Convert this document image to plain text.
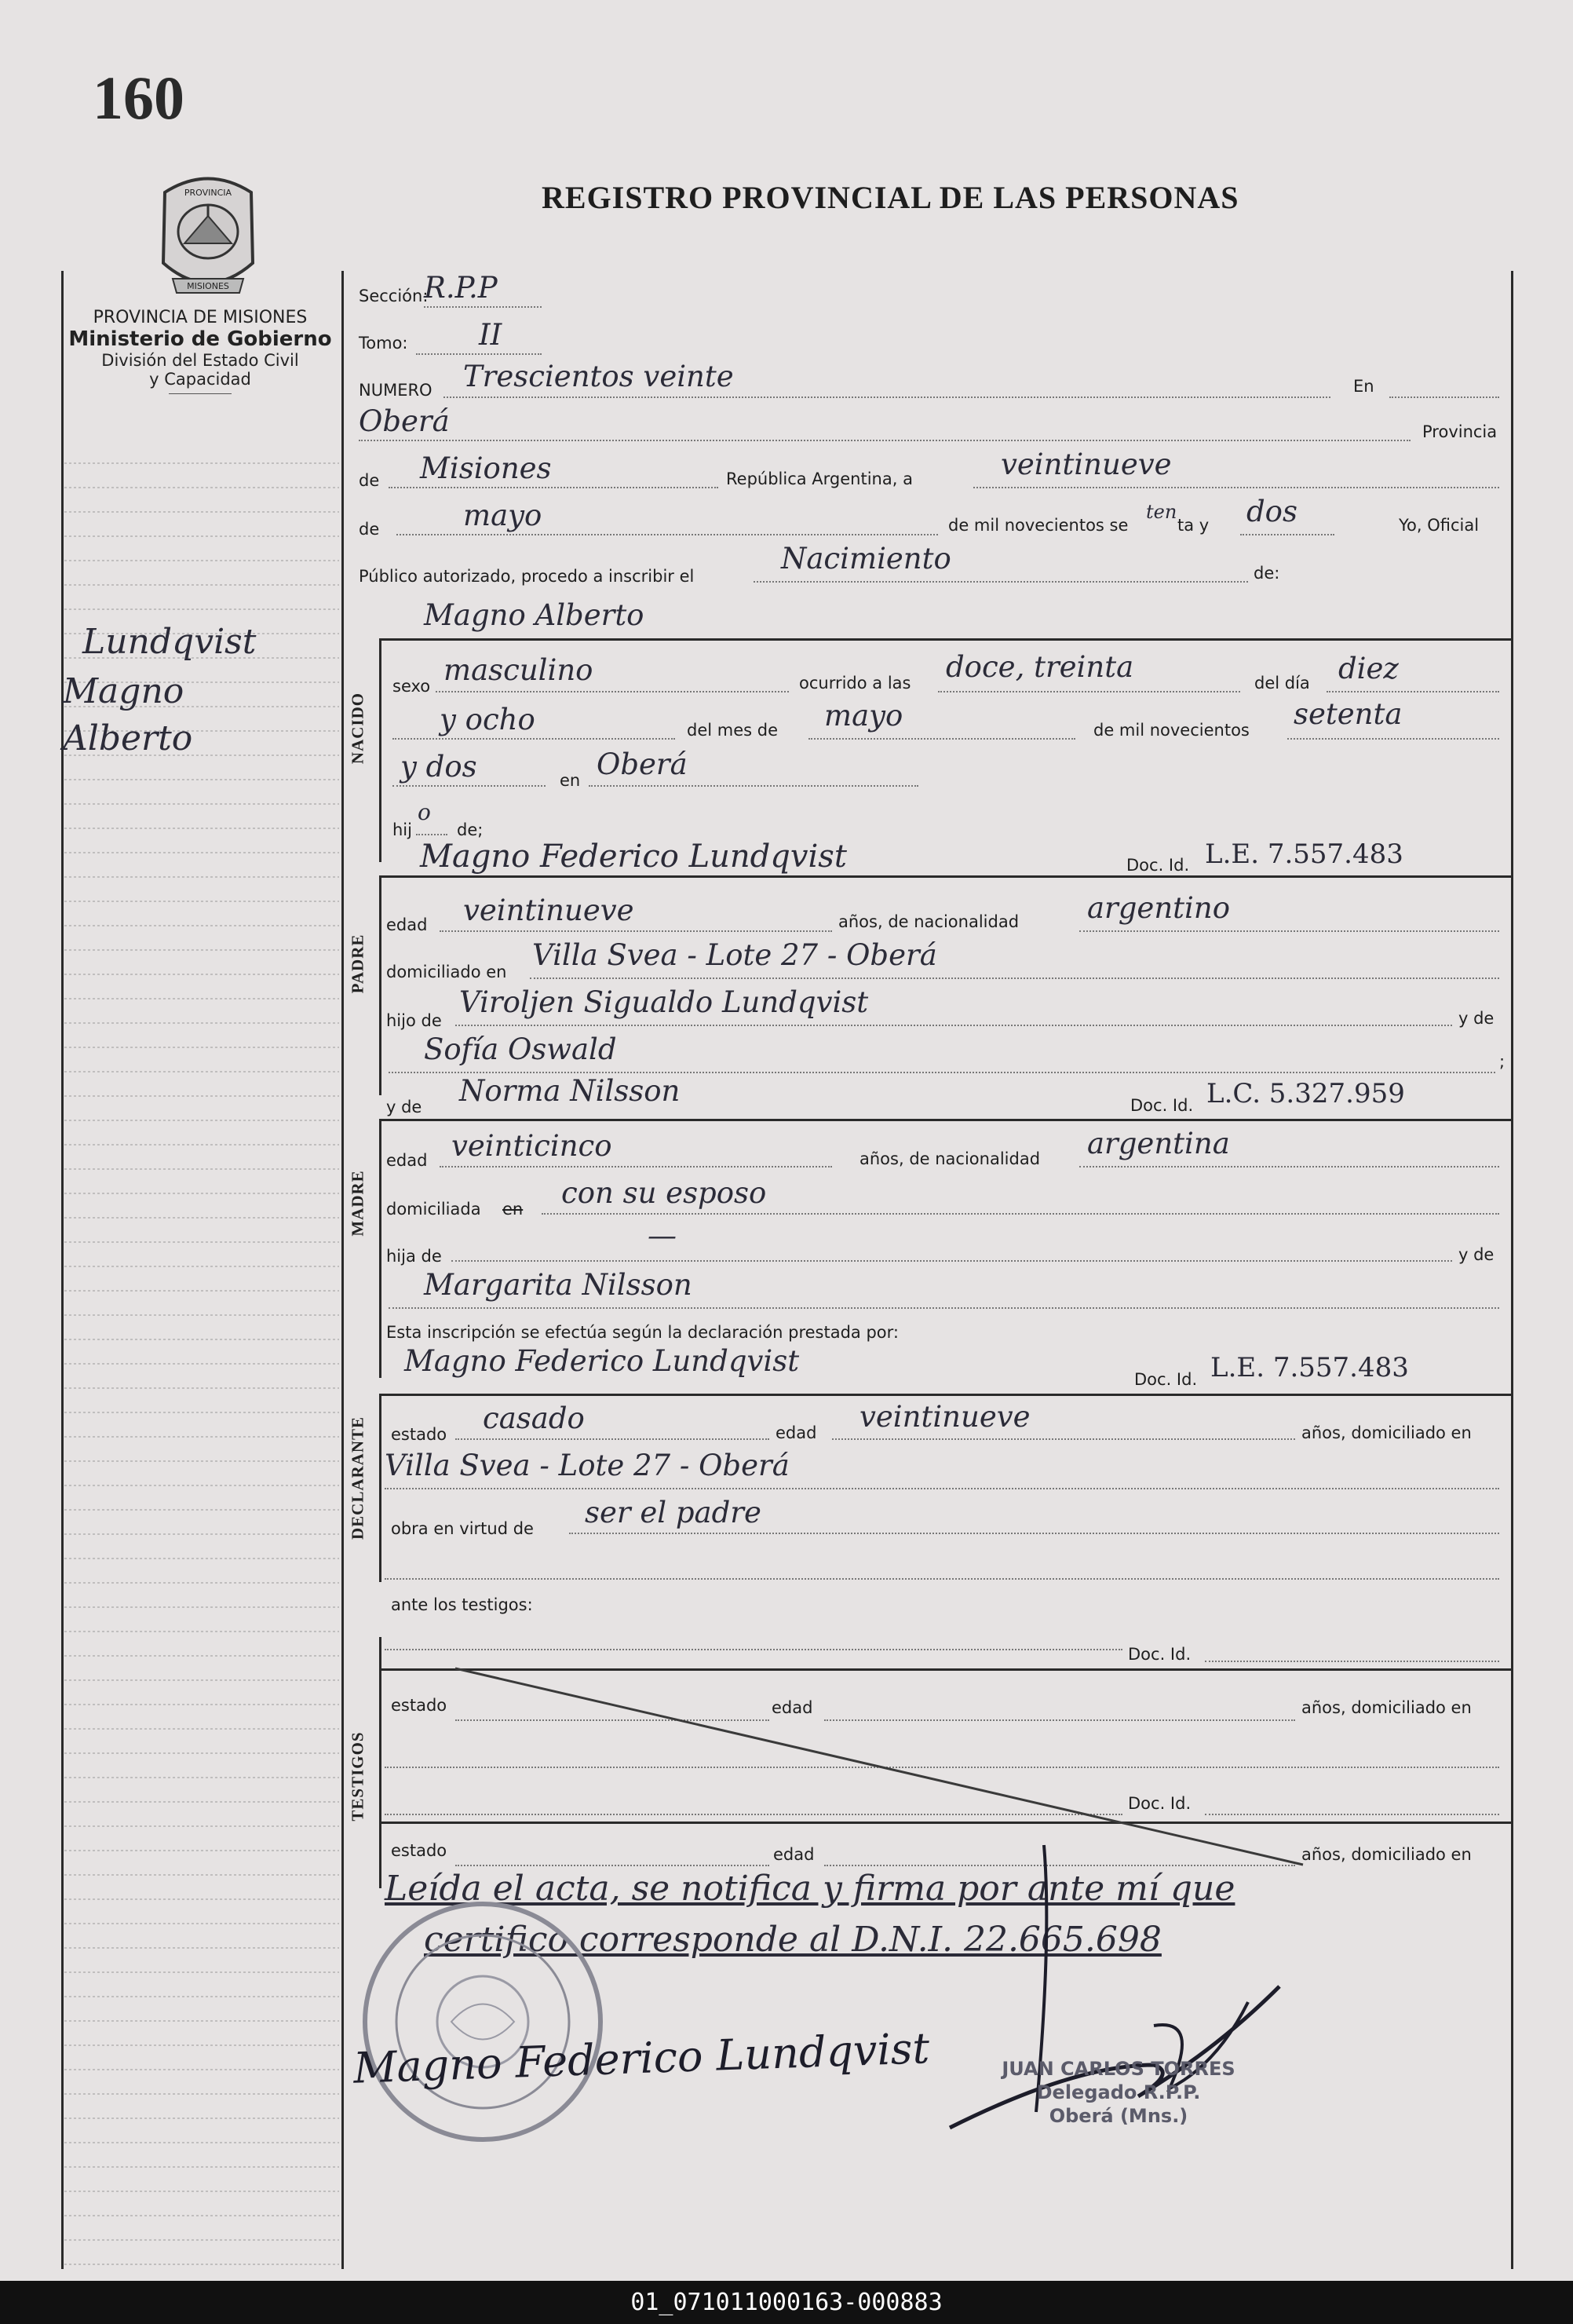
160
PROVINCIA
MISIONES
REGISTRO PROVINCIAL DE LAS PERSONAS
PROVINCIA DE MISIONES
Ministerio de Gobierno
División del Estado Civil
y Capacidad
Lundqvist
Magno
Alberto
Sección:
R.P.P
Tomo: II
NUMERO Trescientos veinte	En
Oberá	Provincia
de Misiones	República Argentina, a	veintinueve
de	mayo	de mil novecientos se
ten
ta y dos	Yo, Oficial
Público autorizado, procedo a inscribir el
Nacimiento	de:
NACIDO
Magno Alberto
sexo masculino	ocurrido a las doce, treinta	del día diez
y ocho	del mes de mayo	de mil novecientos setenta
y dos	en Oberá
hij
o
de;
PADRE
Magno Federico Lundqvist	Doc. Id. L.E. 7.557.483
edad veintinueve	años, de nacionalidad argentino
domiciliado en Villa Svea - Lote 27 - Oberá
hijo de
Viroljen Sigualdo Lundqvist	y de
Sofía Oswald	;
y de Norma Nilsson	Doc. Id. L.C. 5.327.959
MADRE
edad veinticinco	años, de nacionalidad argentina
domiciliada en con su esposo
hija de
—
y de
Margarita Nilsson
Esta inscripción se efectúa según la declaración prestada por:
Magno Federico Lundqvist
Doc. Id. L.E. 7.557.483
DECLARANTE estado casado	edad veintinueve	años, domiciliado en
Villa Svea - Lote 27 - Oberá
obra en virtud de ser el padre
ante los testigos:
Doc. Id.
TESTIGOS
estado	edad	años, domiciliado en
Doc. Id.
estado	edad	años, domiciliado en
Leída el acta, se notifica y firma por ante mí que
certifico corresponde al D.N.I. 22.665.698
Magno Federico Lundqvist	JUAN CARLOS TORRES
Delegado R.P.P.
Oberá (Mns.)
01_071011000163-000883
